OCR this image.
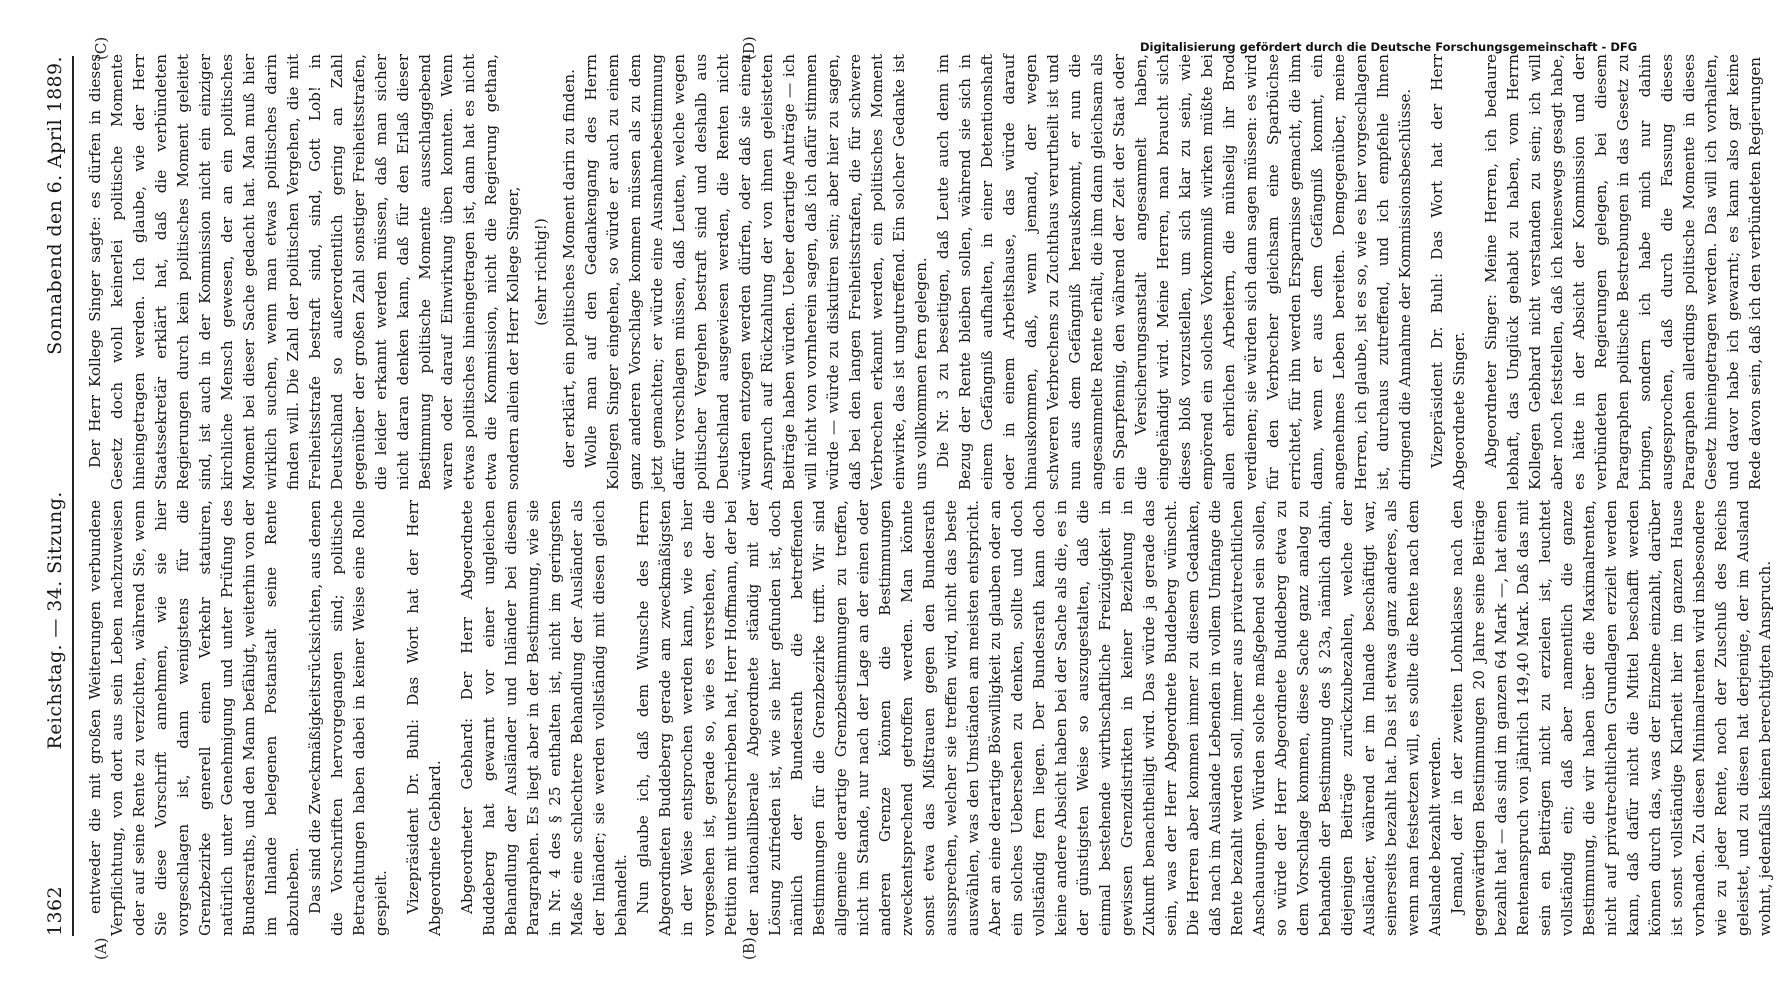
1362
Reichstag. — 34. Sitzung.
Sonnabend den 6. April 1889.
(A)	(B)
(C)	(D)

entweder die mit großen Weiterungen verbundene Verpflichtung, von dort aus sein Leben nachzuweisen oder auf seine Rente zu verzichten, während Sie, wenn Sie diese Vorschrift annehmen, wie sie hier vorgeschlagen ist, dann wenigstens für die Grenzbezirke generell einen Verkehr statuiren, natürlich unter Genehmigung und unter Prüfung des Bundesraths, und den Mann befähigt, weiterhin von der im Inlande belegenen Postanstalt seine Rente abzuheben. Das sind die Zweckmäßigkeitsrücksichten, aus denen die Vorschriften hervorgegangen sind; politische Betrachtungen haben dabei in keiner Weise eine Rolle gespielt. Vizepräsident Dr. Buhl: Das Wort hat der Herr Abgeordnete Gebhard. Abgeordneter Gebhard: Der Herr Abgeordnete Buddeberg hat gewarnt vor einer ungleichen Behandlung der Ausländer und Inländer bei diesem Paragraphen. Es liegt aber in der Bestimmung, wie sie in Nr. 4 des § 25 enthalten ist, nicht im geringsten Maße eine schlechtere Behandlung der Ausländer als der Inländer; sie werden vollständig mit diesen gleich behandelt. Nun glaube ich, daß dem Wunsche des Herrn Abgeordneten Buddeberg gerade am zweckmäßigsten in der Weise entsprochen werden kann, wie es hier vorgesehen ist, gerade so, wie es verstehen, der die Petition mit unterschrieben hat, Herr Hoffmann, der bei der nationalliberale Abgeordnete ständig mit der Lösung zufrieden ist, wie sie hier gefunden ist, doch nämlich der Bundesrath die betreffenden Bestimmungen für die Grenzbezirke trifft. Wir sind allgemeine derartige Grenzbestimmungen zu treffen, nicht im Stande, nur nach der Lage an der einen oder anderen Grenze können die Bestimmungen zweckentsprechend getroffen werden. Man könnte sonst etwa das Mißtrauen gegen den Bundesrath aussprechen, welcher sie treffen wird, nicht das beste auswählen, was den Umständen am meisten entspricht. Aber an eine derartige Böswilligkeit zu glauben oder an ein solches Uebersehen zu denken, sollte und doch vollständig fern liegen. Der Bundesrath kann doch keine andere Absicht haben bei der Sache als die, es in der günstigsten Weise so auszugestalten, daß die einmal bestehende wirthschaftliche Freizügigkeit in gewissen Grenzdistrikten in keiner Beziehung in Zukunft benachtheiligt wird. Das würde ja gerade das sein, was der Herr Abgeordnete Buddeberg wünscht. Die Herren aber kommen immer zu diesem Gedanken, daß nach im Auslande Lebenden in vollem Umfange die Rente bezahlt werden soll, immer aus privatrechtlichen Anschauungen. Würden solche maßgebend sein sollen, so würde der Herr Abgeordnete Buddeberg etwa zu dem Vorschlage kommen, diese Sache ganz analog zu behandeln der Bestimmung des § 23a, nämlich dahin, diejenigen Beiträge zurückzubezahlen, welche der Ausländer, während er im Inlande beschäftigt war, seinerseits bezahlt hat. Das ist etwas ganz anderes, als wenn man festsetzen will, es sollte die Rente nach dem Auslande bezahlt werden. Jemand, der in der zweiten Lohnklasse nach den gegenwärtigen Bestimmungen 20 Jahre seine Beiträge bezahlt hat — das sind im ganzen 64 Mark —, hat einen Rentenanspruch von jährlich 149,40 Mark. Daß das mit sein en Beiträgen nicht zu erzielen ist, leuchtet vollständig ein; daß aber namentlich die ganze Bestimmung, die wir haben über die Maximalrenten, nicht auf privatrechtlichen Grundlagen erzielt werden kann, daß dafür nicht die Mittel beschafft werden können durch das, was der Einzelne einzahlt, darüber ist sonst vollständige Klarheit hier im ganzen Hause vorhanden. Zu diesen Minimalrenten wird insbesondere wie zu jeder Rente, noch der Zuschuß des Reichs geleistet, und zu diesen hat derjenige, der im Ausland wohnt, jedenfalls keinen berechtigten Anspruch.

Der Herr Kollege Singer sagte: es dürfen in dieses Gesetz doch wohl keinerlei politische Momente hineingetragen werden. Ich glaube, wie der Herr Staatssekretär erklärt hat, daß die verbündeten Regierungen durch kein politisches Moment geleitet sind, ist auch in der Kommission nicht ein einziger kirchliche Mensch gewesen, der an ein politisches Moment bei dieser Sache gedacht hat. Man muß hier wirklich suchen, wenn man etwas politisches darin finden will. Die Zahl der politischen Vergehen, die mit Freiheitsstrafe bestraft sind, sind, Gott Lob! in Deutschland so außerordentlich gering an Zahl gegenüber der großen Zahl sonstiger Freiheitsstrafen, die leider erkannt werden müssen, daß man sicher nicht daran denken kann, daß für den Erlaß dieser Bestimmung politische Momente ausschlaggebend waren oder darauf Einwirkung üben konnten. Wenn etwas politisches hineingetragen ist, dann hat es nicht etwa die Kommission, nicht die Regierung gethan, sondern allein der Herr Kollege Singer, (sehr richtig!) der erklärt, ein politisches Moment darin zu finden. Wolle man auf den Gedankengang des Herrn Kollegen Singer eingehen, so würde er auch zu einem ganz anderen Vorschlage kommen müssen als zu dem jetzt gemachten; er würde eine Ausnahmebestimmung dafür vorschlagen müssen, daß Leuten, welche wegen politischer Vergehen bestraft sind und deshalb aus Deutschland ausgewiesen werden, die Renten nicht würden entzogen werden dürfen, oder daß sie einen Anspruch auf Rückzahlung der von ihnen geleisteten Beiträge haben würden. Ueber derartige Anträge — ich will nicht von vornherein sagen, daß ich dafür stimmen würde — würde zu diskutiren sein; aber hier zu sagen, daß bei den langen Freiheitsstrafen, die für schwere Verbrechen erkannt werden, ein politisches Moment einwirke, das ist ungutreffend. Ein solcher Gedanke ist uns vollkommen fern gelegen. Die Nr. 3 zu beseitigen, daß Leute auch denn im Bezug der Rente bleiben sollen, während sie sich in einem Gefängniß aufhalten, in einer Detentionshaft oder in einem Arbeitshause, das würde darauf hinauskommen, daß, wenn jemand, der wegen schweren Verbrechens zu Zuchthaus verurtheilt ist und nun aus dem Gefängniß herauskommt, er nun die angesammelte Rente erhält, die ihm dann gleichsam als ein Sparpfennig, den während der Zeit der Staat oder die Versicherungsanstalt angesammelt haben, eingehändigt wird. Meine Herren, man braucht sich dieses bloß vorzustellen, um sich klar zu sein, wie empörend ein solches Vorkommniß wirken müßte bei allen ehrlichen Arbeitern, die mühselig ihr Brod verdienen; sie würden sich dann sagen müssen: es wird für den Verbrecher gleichsam eine Sparbüchse errichtet, für ihn werden Ersparnisse gemacht, die ihm dann, wenn er aus dem Gefängniß kommt, ein angenehmes Leben bereiten. Demgegenüber, meine Herren, ich glaube, ist es so, wie es hier vorgeschlagen ist, durchaus zutreffend, und ich empfehle Ihnen dringend die Annahme der Kommissionsbeschlüsse. Vizepräsident Dr. Buhl: Das Wort hat der Herr Abgeordnete Singer. Abgeordneter Singer: Meine Herren, ich bedaure lebhaft, das Unglück gehabt zu haben, vom Herrn Kollegen Gebhard nicht verstanden zu sein; ich will aber noch feststellen, daß ich keineswegs gesagt habe, es hätte in der Absicht der Kommission und der verbündeten Regierungen gelegen, bei diesem Paragraphen politische Bestrebungen in das Gesetz zu bringen, sondern ich habe mich nur dahin ausgesprochen, daß durch die Fassung dieses Paragraphen allerdings politische Momente in dieses Gesetz hineingetragen werden. Das will ich vorhalten, und davor habe ich gewarnt; es kann also gar keine Rede davon sein, daß ich den verbündeten Regierungen

Digitalisierung gefördert durch die Deutsche Forschungsgemeinschaft - DFG
